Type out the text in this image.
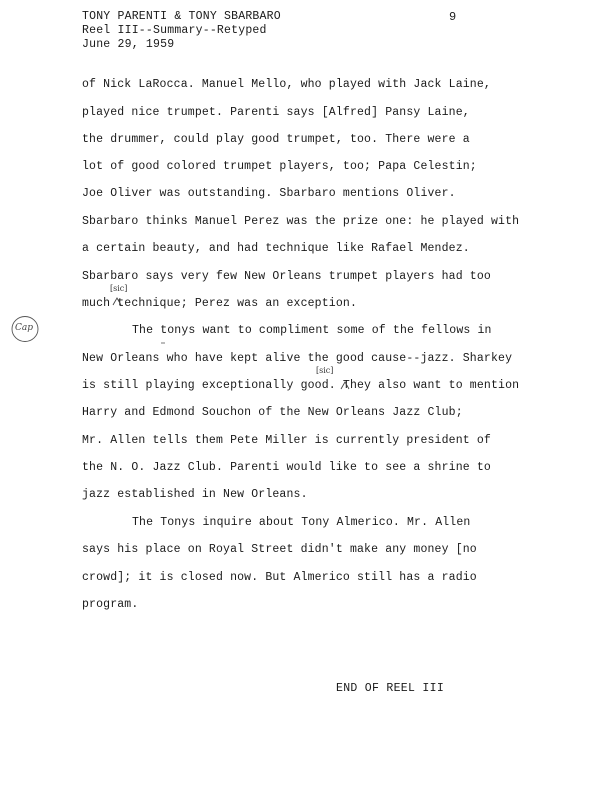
TONY PARENTI & TONY SBARBARO
Reel III--Summary--Retyped
June 29, 1959
9
of Nick LaRocca. Manuel Mello, who played with Jack Laine,
played nice trumpet. Parenti says [Alfred] Pansy Laine,
the drummer, could play good trumpet, too. There were a
lot of good colored trumpet players, too; Papa Celestin;
Joe Oliver was outstanding. Sbarbaro mentions Oliver.
Sbarbaro thinks Manuel Perez was the prize one: he played with
a certain beauty, and had technique like Rafael Mendez.
Sbarbaro says very few New Orleans trumpet players had too
much technique; Perez was an exception.
The tonys want to compliment some of the fellows in
New Orleans who have kept alive the good cause--jazz. Sharkey
is still playing exceptionally good. They also want to mention
Harry and Edmond Souchon of the New Orleans Jazz Club;
Mr. Allen tells them Pete Miller is currently president of
the N. O. Jazz Club. Parenti would like to see a shrine to
jazz established in New Orleans.
The Tonys inquire about Tony Almerico. Mr. Allen
says his place on Royal Street didn't make any money [no
crowd]; it is closed now. But Almerico still has a radio
program.
[sic]
[sic]
Cap
END OF REEL III
